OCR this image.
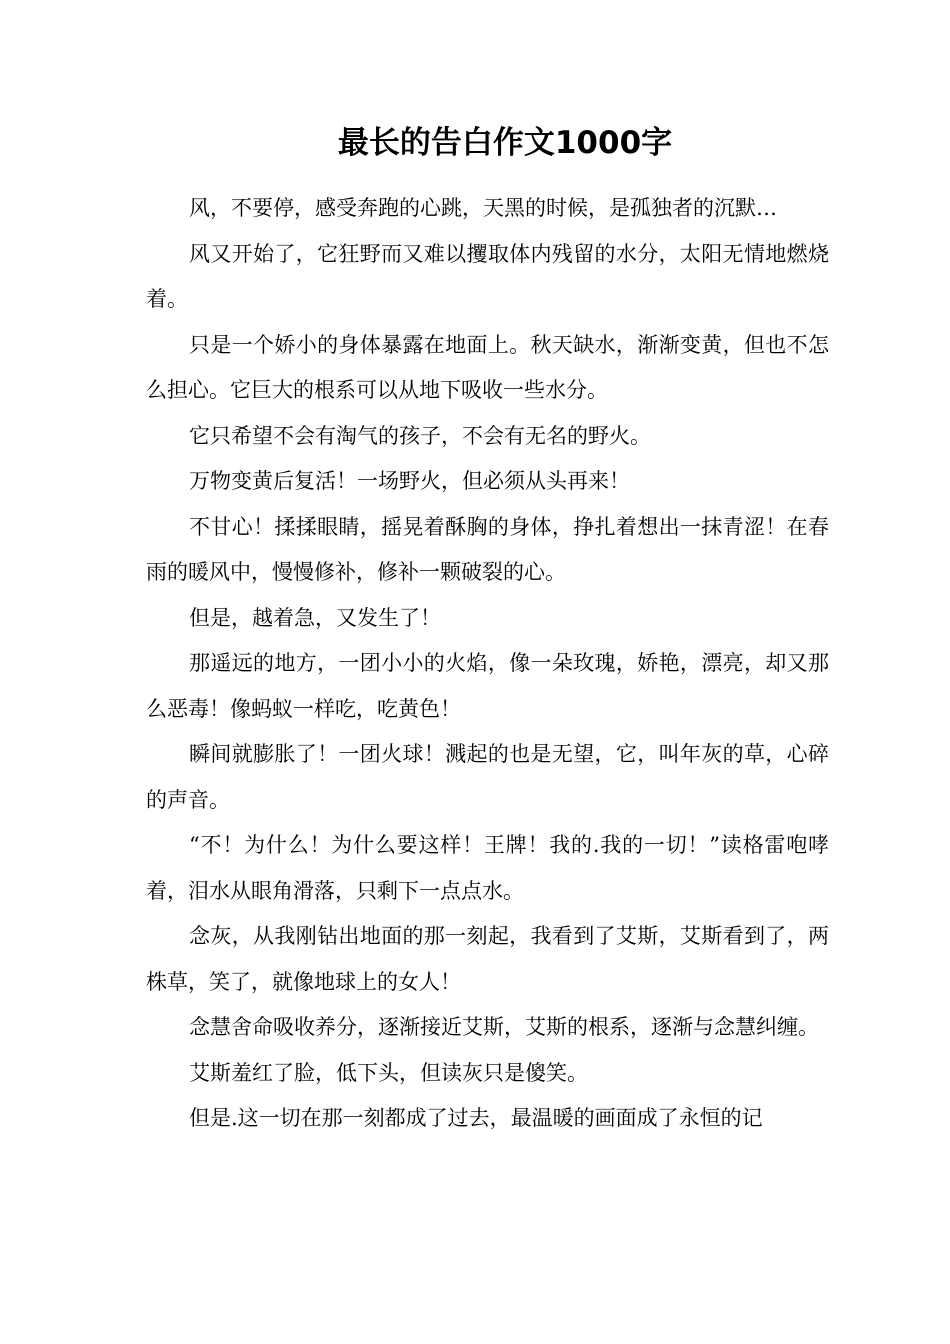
最长的告白作文1000字

风，不要停，感受奔跑的心跳，天黑的时候，是孤独者的沉默…

风又开始了，它狂野而又难以攫取体内残留的水分，太阳无情地燃烧着。

只是一个娇小的身体暴露在地面上。秋天缺水，渐渐变黄，但也不怎么担心。它巨大的根系可以从地下吸收一些水分。

它只希望不会有淘气的孩子，不会有无名的野火。

万物变黄后复活！一场野火，但必须从头再来！

不甘心！揉揉眼睛，摇晃着酥胸的身体，挣扎着想出一抹青涩！在春雨的暖风中，慢慢修补，修补一颗破裂的心。

但是，越着急，又发生了！

那遥远的地方，一团小小的火焰，像一朵玫瑰，娇艳，漂亮，却又那么恶毒！像蚂蚁一样吃，吃黄色！

瞬间就膨胀了！一团火球！溅起的也是无望，它，叫年灰的草，心碎的声音。

“不！为什么！为什么要这样！王牌！我的.我的一切！”读格雷咆哮着，泪水从眼角滑落，只剩下一点点水。

念灰，从我刚钻出地面的那一刻起，我看到了艾斯，艾斯看到了，两株草，笑了，就像地球上的女人！

念慧舍命吸收养分，逐渐接近艾斯，艾斯的根系，逐渐与念慧纠缠。

艾斯羞红了脸，低下头，但读灰只是傻笑。

但是.这一切在那一刻都成了过去，最温暖的画面成了永恒的记
